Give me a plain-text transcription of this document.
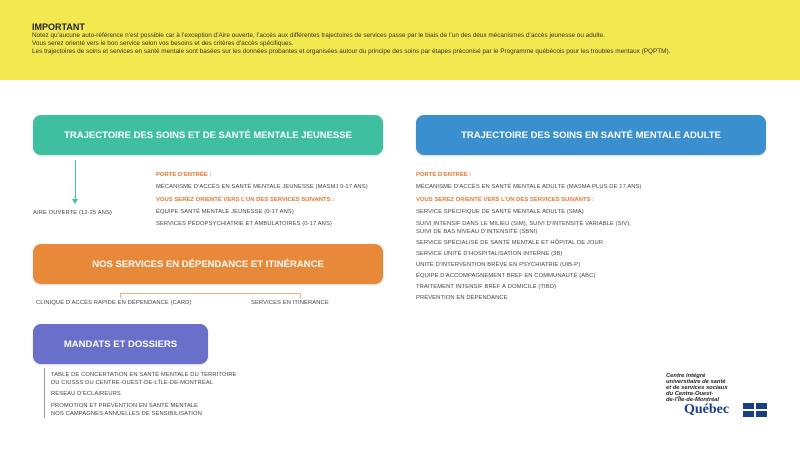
IMPORTANT
Notez qu’aucune auto-référence n’est possible car à l’exception d’Aire ouverte, l’accès aux différentes trajectoires de services passe par le biais de l’un des deux mécanismes d’accès jeunesse ou adulte.
Vous serez orienté vers le bon service selon vos besoins et des critères d’accès spécifiques.
Les trajectoires de soins et services en santé mentale sont basées sur les données probantes et organisées autour du principe des soins par étapes préconisé par le Programme québécois pour les troubles mentaux (PQPTM).
TRAJECTOIRE DES SOINS ET DE SANTÉ MENTALE JEUNESSE
AIRE OUVERTE (12-25 ANS)
PORTE D’ENTRÉE :
MÉCANISME D’ACCÈS EN SANTÉ MENTALE JEUNESSE (MASMJ 0-17 ANS)
VOUS SEREZ ORIENTÉ VERS L’UN DES SERVICES SUIVANTS :
ÉQUIPE SANTÉ MENTALE JEUNESSE (0-17 ANS)
SERVICES PÉDOPSYCHIATRIE ET AMBULATOIRES (0-17 ANS)
TRAJECTOIRE DES SOINS EN SANTÉ MENTALE ADULTE
PORTE D’ENTRÉE :
MÉCANISME D’ACCÈS EN SANTÉ MENTALE ADULTE (MASMA PLUS DE 17 ANS)
VOUS SEREZ ORIENTÉ VERS L’UN DES SERVICES SUIVANTS :
SERVICE SPÉCIFIQUE DE SANTÉ MENTALE ADULTE (SMA)
SUIVI INTENSIF DANS LE MILIEU (SIM), SUIVI D’INTENSITÉ VARIABLE (SIV),
SUIVI DE BAS NIVEAU D’INTENSITÉ (SBNI)
SERVICE SPÉCIALISÉ DE SANTÉ MENTALE ET HÔPITAL DE JOUR
SERVICE UNITÉ D’HOSPITALISATION INTERNE (3B)
UNITÉ D’INTERVENTION BRÈVE EN PSYCHIATRIE (UIB-P)
ÉQUIPE D’ACCOMPAGNEMENT BREF EN COMMUNAUTÉ (ABC)
TRAITEMENT INTENSIF BREF À DOMICILE (TIBD)
PRÉVENTION EN DÉPENDANCE
NOS SERVICES EN DÉPENDANCE ET ITINÉRANCE
CLINIQUE D’ACCÈS RAPIDE EN DÉPENDANCE (CARD)	SERVICES EN ITINÉRANCE
MANDATS ET DOSSIERS
TABLE DE CONCERTATION EN SANTÉ MENTALE DU TERRITOIRE
DU CIUSSS DU CENTRE-OUEST-DE-L’ÎLE-DE-MONTRÉAL
RÉSEAU D’ÉCLAIREURS
PROMOTION ET PRÉVENTION EN SANTÉ MENTALE
NOS CAMPAGNES ANNUELLES DE SENSIBILISATION
Centre intégré
universitaire de santé
et de services sociaux
du Centre-Ouest-
de-l’Île-de-Montréal
Québec
